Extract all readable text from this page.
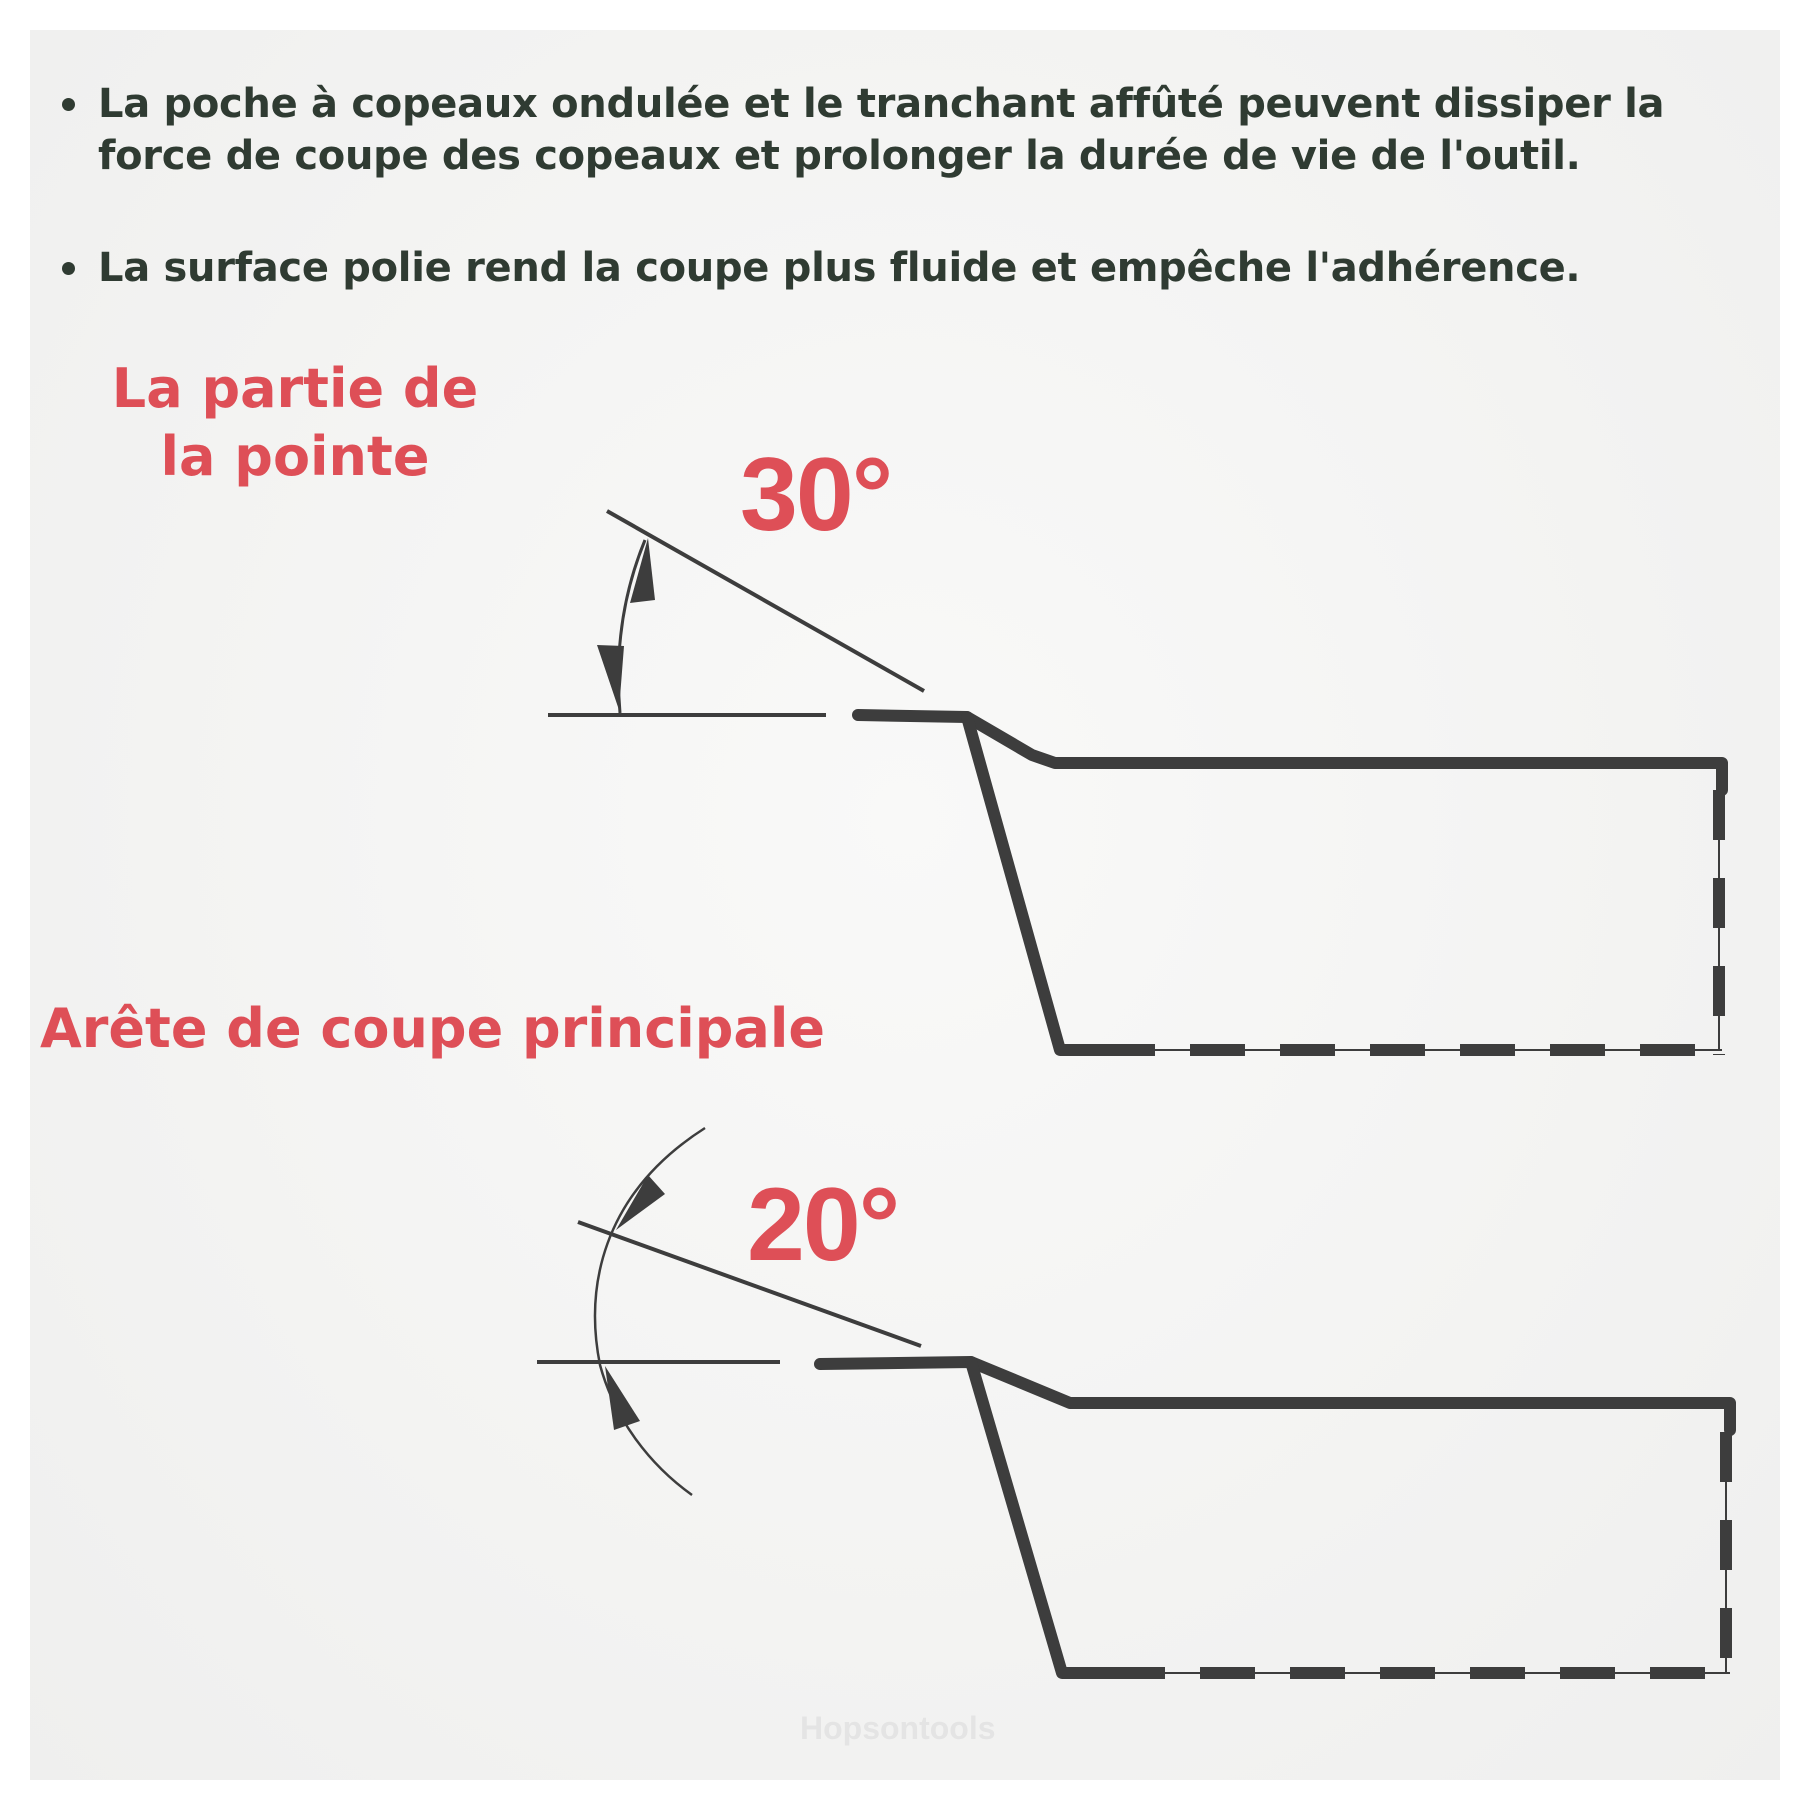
La poche à copeaux ondulée et le tranchant affûté peuvent dissiper la force de coupe des copeaux et prolonger la durée de vie de l'outil.
La surface polie rend la coupe plus fluide et empêche l'adhérence.
La partie de la pointe
Arête de coupe principale
30°
20°
Hopsontools
